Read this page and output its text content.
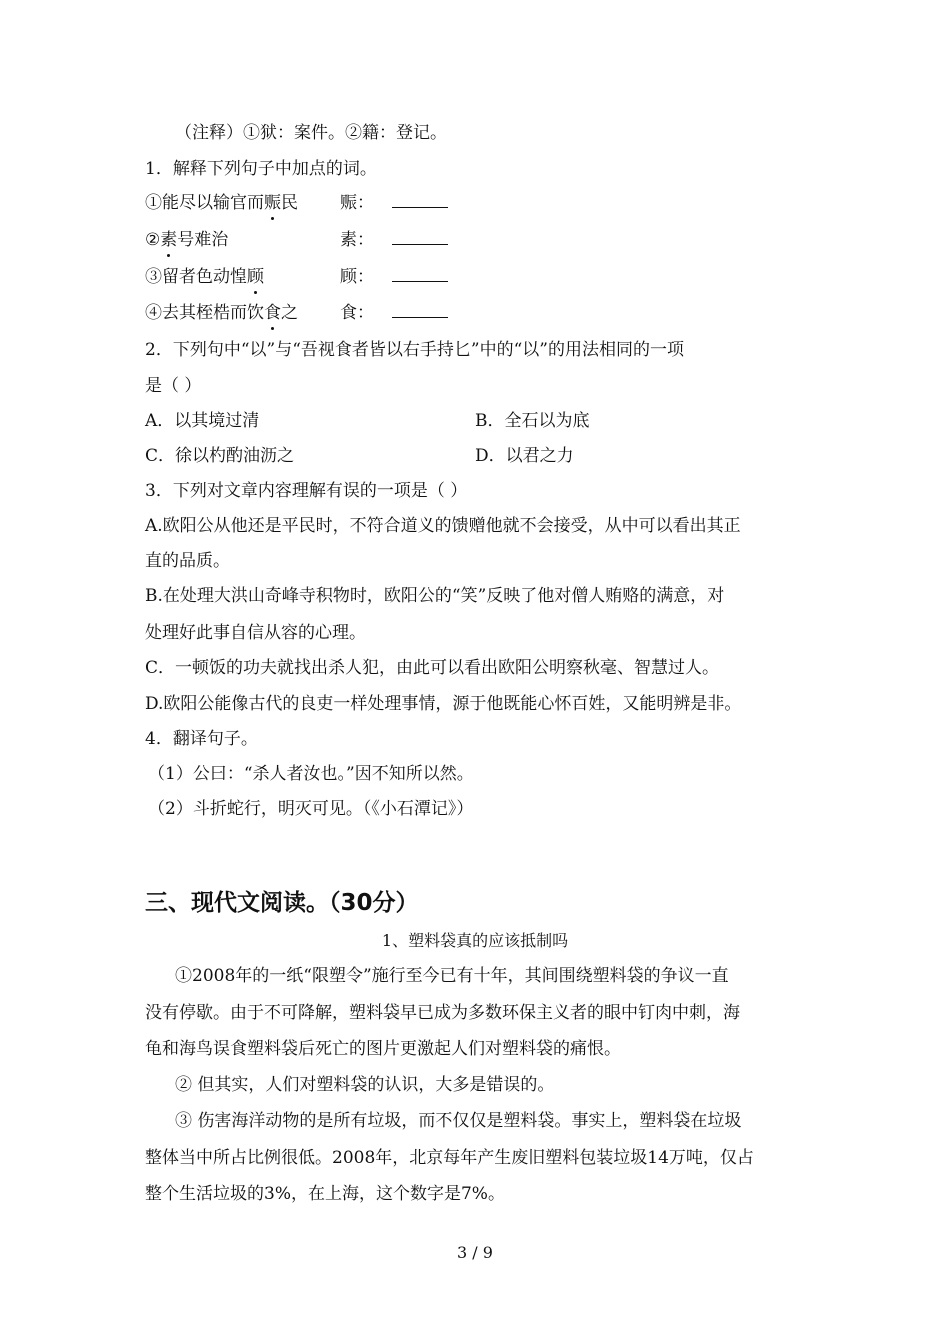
（注释）①狱：案件。②籍：登记。
1．解释下列句子中加点的词。
①能尽以输官而赈民 赈：
②素号难治	素：
③留者色动惶顾	顾：
④去其桎梏而饮食之 食：
2．下列句中“以”与“吾视食者皆以右手持匕”中的“以”的用法相同的一项
是（ ）
A．以其境过清	B．全石以为底
C．徐以杓酌油沥之	D．以君之力
3．下列对文章内容理解有误的一项是（ ）
A.欧阳公从他还是平民时，不符合道义的馈赠他就不会接受，从中可以看出其正
直的品质。
B.在处理大洪山奇峰寺积物时，欧阳公的“笑”反映了他对僧人贿赂的满意，对
处理好此事自信从容的心理。
C．一顿饭的功夫就找出杀人犯，由此可以看出欧阳公明察秋毫、智慧过人。
D.欧阳公能像古代的良吏一样处理事情，源于他既能心怀百姓，又能明辨是非。
4．翻译句子。
（1）公曰：“杀人者汝也。”因不知所以然。
（2）斗折蛇行，明灭可见。（《小石潭记》）
三、现代文阅读。（30分）
1、塑料袋真的应该抵制吗
①2008年的一纸“限塑令”施行至今已有十年，其间围绕塑料袋的争议一直
没有停歇。由于不可降解，塑料袋早已成为多数环保主义者的眼中钉肉中刺，海
龟和海鸟误食塑料袋后死亡的图片更激起人们对塑料袋的痛恨。
② 但其实，人们对塑料袋的认识，大多是错误的。
③ 伤害海洋动物的是所有垃圾，而不仅仅是塑料袋。事实上，塑料袋在垃圾
整体当中所占比例很低。2008年，北京每年产生废旧塑料包装垃圾14万吨，仅占
整个生活垃圾的3%，在上海，这个数字是7%。
3 / 9
